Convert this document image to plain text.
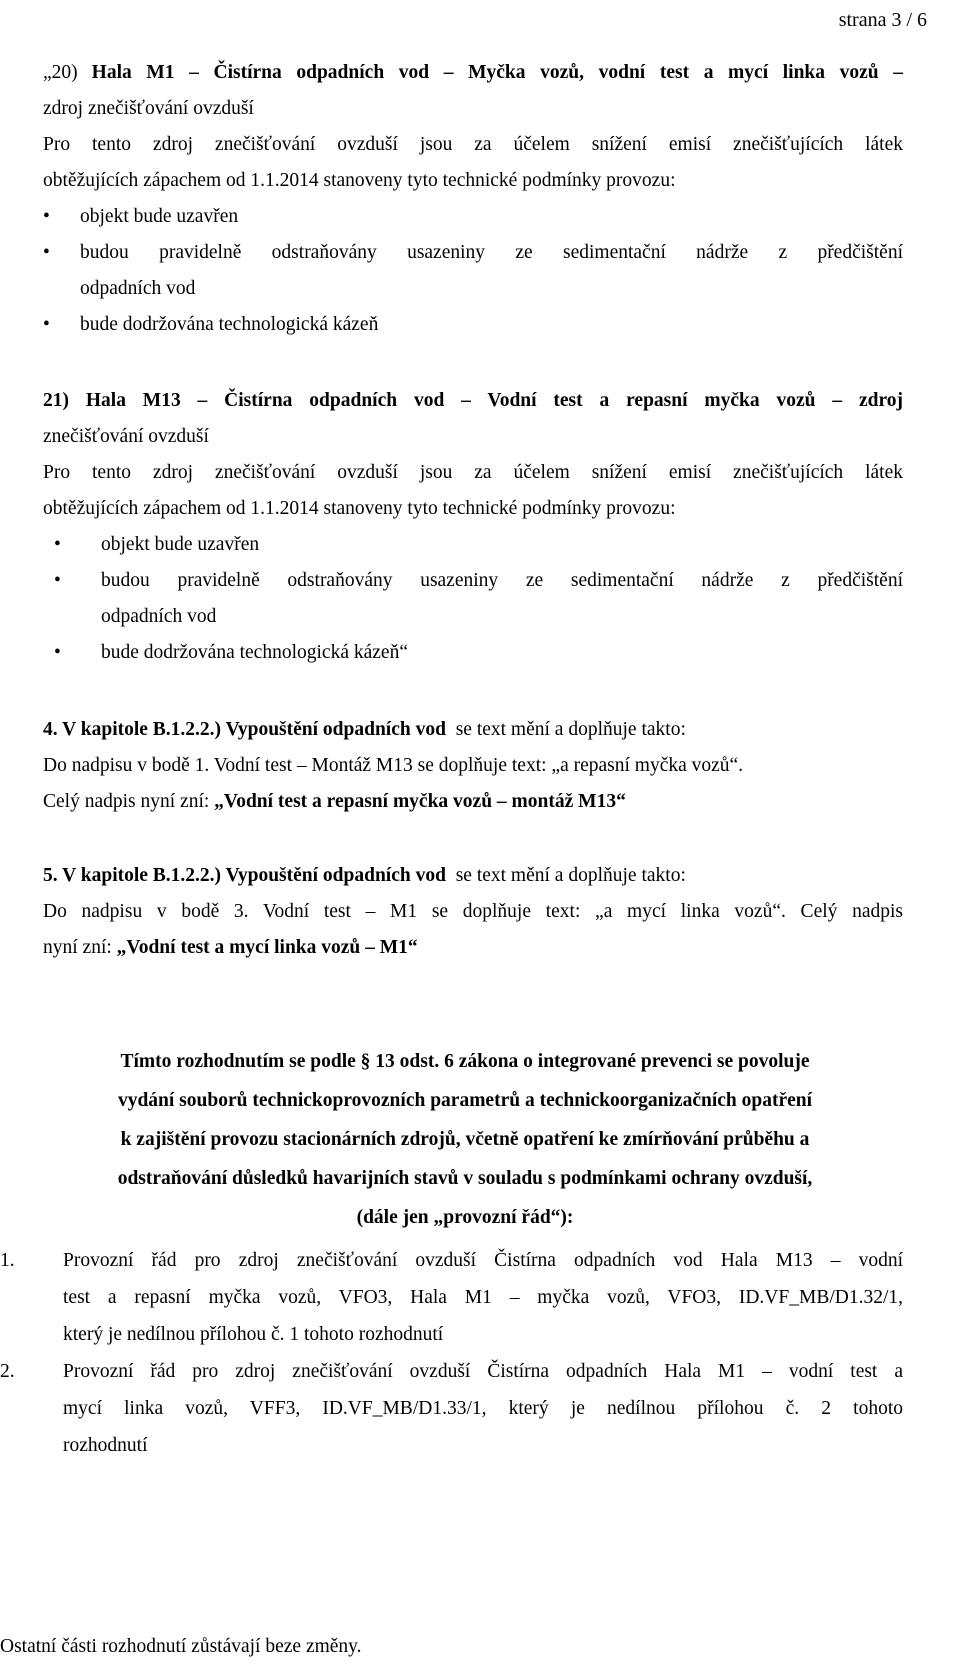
strana 3 / 6
„20) Hala M1 – Čistírna odpadních vod – Myčka vozů, vodní test a mycí linka vozů –
zdroj znečišťování ovzduší
Pro tento zdroj znečišťování ovzduší jsou za účelem snížení emisí znečišťujících látek
obtěžujících zápachem od 1.1.2014 stanoveny tyto technické podmínky provozu:
• objekt bude uzavřen
• budou pravidelně odstraňovány usazeniny ze sedimentační nádrže z předčištění
odpadních vod
• bude dodržována technologická kázeň
21) Hala M13 – Čistírna odpadních vod – Vodní test a repasní myčka vozů – zdroj
znečišťování ovzduší
Pro tento zdroj znečišťování ovzduší jsou za účelem snížení emisí znečišťujících látek
obtěžujících zápachem od 1.1.2014 stanoveny tyto technické podmínky provozu:
• objekt bude uzavřen
• budou pravidelně odstraňovány usazeniny ze sedimentační nádrže z předčištění
odpadních vod
• bude dodržována technologická kázeň“
4. V kapitole B.1.2.2.) Vypouštění odpadních vod se text mění a doplňuje takto:
Do nadpisu v bodě 1. Vodní test – Montáž M13 se doplňuje text: „a repasní myčka vozů“.
Celý nadpis nyní zní: „Vodní test a repasní myčka vozů – montáž M13“
5. V kapitole B.1.2.2.) Vypouštění odpadních vod se text mění a doplňuje takto:
Do nadpisu v bodě 3. Vodní test – M1 se doplňuje text: „a mycí linka vozů“. Celý nadpis
nyní zní: „Vodní test a mycí linka vozů – M1“
Tímto rozhodnutím se podle § 13 odst. 6 zákona o integrované prevenci se povoluje
vydání souborů technickoprovozních parametrů a technickoorganizačních opatření
k zajištění provozu stacionárních zdrojů, včetně opatření ke zmírňování průběhu a
odstraňování důsledků havarijních stavů v souladu s podmínkami ochrany ovzduší,
(dále jen „provozní řád“):
1.	Provozní řád pro zdroj znečišťování ovzduší Čistírna odpadních vod Hala M13 – vodní
test a repasní myčka vozů, VFO3, Hala M1 – myčka vozů, VFO3, ID.VF_MB/D1.32/1,
který je nedílnou přílohou č. 1 tohoto rozhodnutí
2.	Provozní řád pro zdroj znečišťování ovzduší Čistírna odpadních Hala M1 – vodní test a
mycí linka vozů, VFF3, ID.VF_MB/D1.33/1, který je nedílnou přílohou č. 2 tohoto
rozhodnutí
Ostatní části rozhodnutí zůstávají beze změny.
